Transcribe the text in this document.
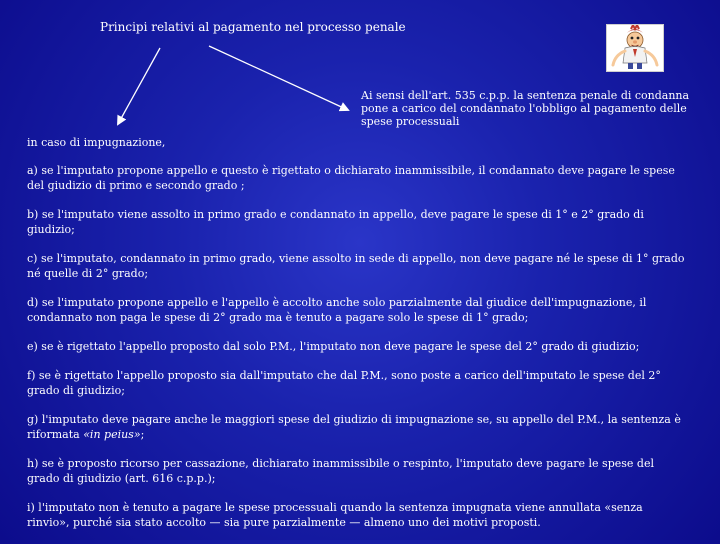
Principi relativi al pagamento nel processo penale
Ai sensi dell'art. 535 c.p.p. la sentenza penale di condanna pone a carico del condannato l'obbligo al pagamento delle spese processuali
in caso di impugnazione,

a) se l'imputato propone appello e questo è rigettato o dichiarato inammissibile, il condannato deve pagare le spese del giudizio di primo e secondo grado ;

b) se l'imputato viene assolto in primo grado e condannato in appello, deve pagare le spese di 1° e 2° grado di giudizio;

c) se l'imputato, condannato in primo grado, viene assolto in sede di appello, non deve pagare né le spese di 1° grado né quelle di 2° grado;

d) se l'imputato propone appello e l'appello è accolto anche solo parzialmente dal giudice dell'impugnazione, il condannato non paga le spese di 2° grado ma è tenuto a pagare solo le spese di 1° grado;

e) se è rigettato l'appello proposto dal solo P.M., l'imputato non deve pagare le spese del 2° grado di giudizio;

f) se è rigettato l'appello proposto sia dall'imputato che dal P.M., sono poste a carico dell'imputato le spese del 2° grado di giudizio;

g) l'imputato deve pagare anche le maggiori spese del giudizio di impugnazione se, su appello del P.M., la sentenza è riformata «in peius»;

h) se è proposto ricorso per cassazione, dichiarato inammissibile o respinto, l'imputato deve pagare le spese del grado di giudizio (art. 616 c.p.p.);

i) l'imputato non è tenuto a pagare le spese processuali quando la sentenza impugnata viene annullata «senza rinvio», purché sia stato accolto — sia pure parzialmente — almeno uno dei motivi proposti.
